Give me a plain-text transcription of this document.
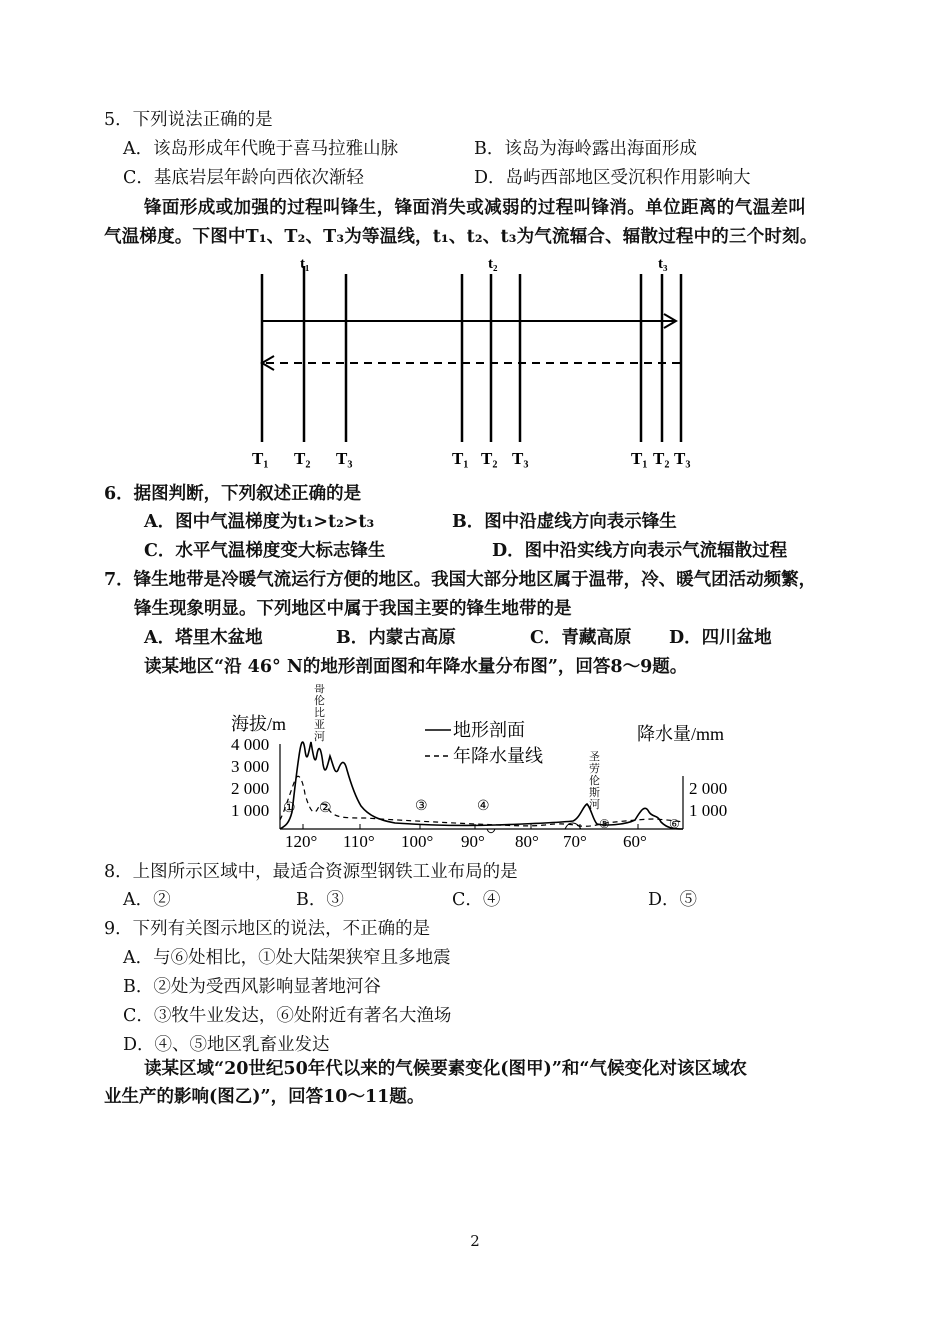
5．下列说法正确的是
A．该岛形成年代晚于喜马拉雅山脉	B．该岛为海岭露出海面形成
C．基底岩层年龄向西依次渐轻	D．岛屿西部地区受沉积作用影响大
锋面形成或加强的过程叫锋生，锋面消失或减弱的过程叫锋消。单位距离的气温差叫
气温梯度。下图中T₁、T₂、T₃为等温线，t₁、t₂、t₃为气流辐合、辐散过程中的三个时刻。
t₁	t₂	t₃
T₁ T₂ T₃	T₁ T₂ T₃	T₁ T₂ T₃
6．据图判断，下列叙述正确的是
A．图中气温梯度为t₁>t₂>t₃	B．图中沿虚线方向表示锋生
C．水平气温梯度变大标志锋生	D．图中沿实线方向表示气流辐散过程
7．锋生地带是冷暖气流运行方便的地区。我国大部分地区属于温带，冷、暖气团活动频繁，
锋生现象明显。下列地区中属于我国主要的锋生地带的是
A．塔里木盆地	B．内蒙古高原	C．青藏高原 D．四川盆地
读某地区“沿 46° N的地形剖面图和年降水量分布图”，回答8～9题。
海拔/m	降水量/mm
4 000
3 000
2 000
1 000
2 000
1 000
120° 110° 100° 90° 80° 70° 60°
地形剖面
年降水量线
哥
伦
比
亚
河
圣
劳
伦
斯
河
① ②	③	④
⑤	⑥
8．上图所示区域中，最适合资源型钢铁工业布局的是
A．②	B．③	C．④	D．⑤
9．下列有关图示地区的说法，不正确的是
A．与⑥处相比，①处大陆架狭窄且多地震
B．②处为受西风影响显著地河谷
C．③牧牛业发达，⑥处附近有著名大渔场
D．④、⑤地区乳畜业发达
读某区域“20世纪50年代以来的气候要素变化(图甲)”和“气候变化对该区域农
业生产的影响(图乙)”，回答10～11题。
2
